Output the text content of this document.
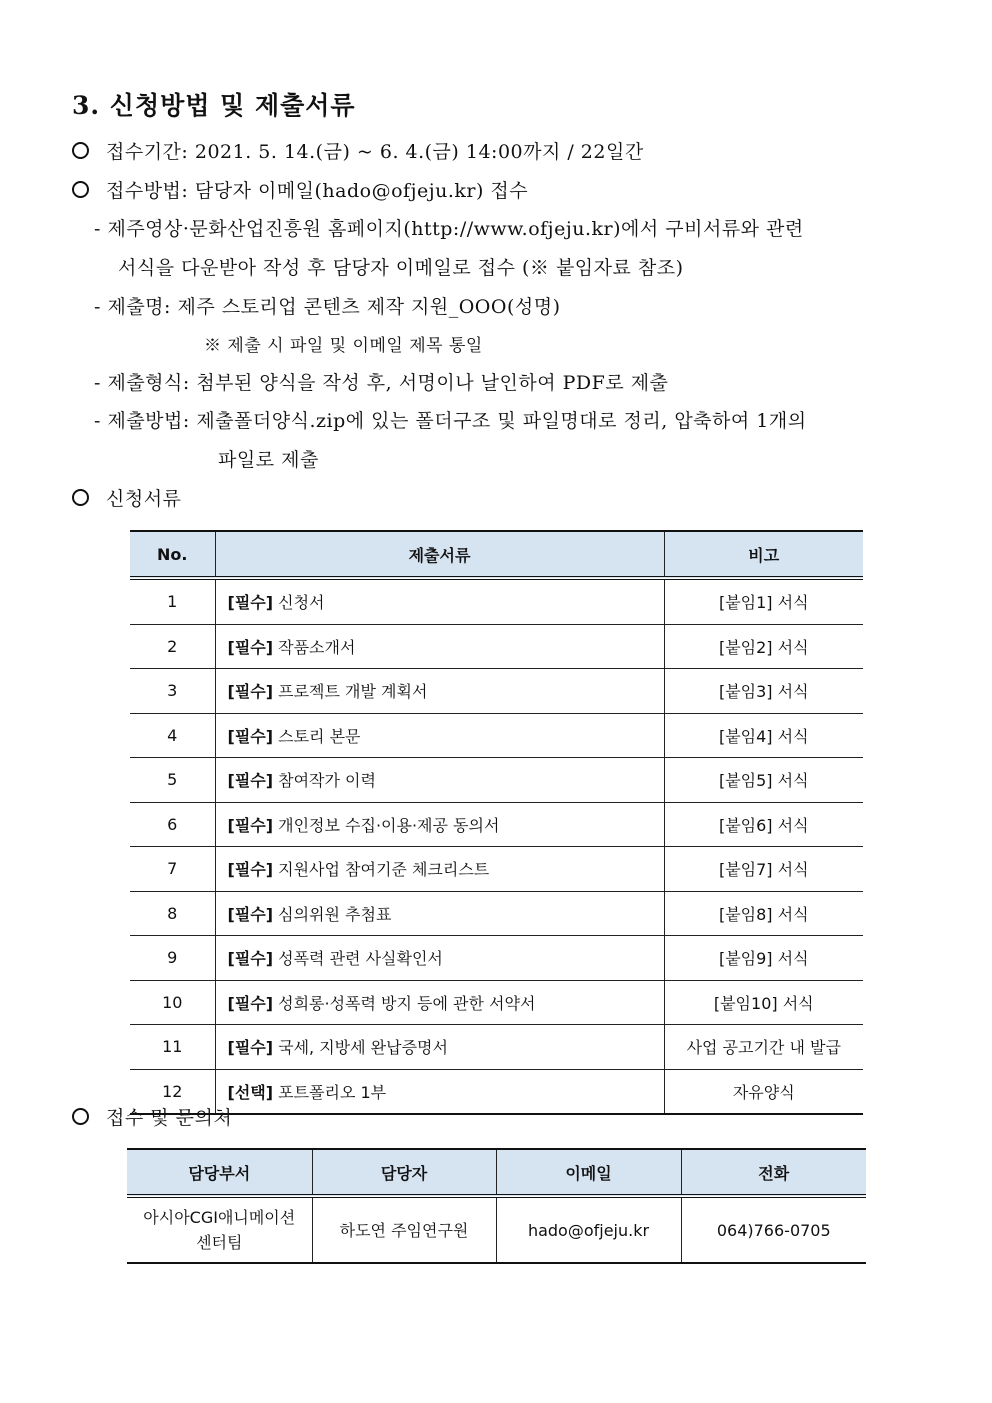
3. 신청방법 및 제출서류
접수기간: 2021. 5. 14.(금) ~ 6. 4.(금) 14:00까지 / 22일간
접수방법: 담당자 이메일(hado@ofjeju.kr) 접수
- 제주영상·문화산업진흥원 홈페이지(http://www.ofjeju.kr)에서 구비서류와 관련
서식을 다운받아 작성 후 담당자 이메일로 접수 (※ 붙임자료 참조)
- 제출명: 제주 스토리업 콘텐츠 제작 지원_OOO(성명)
※ 제출 시 파일 및 이메일 제목 통일
- 제출형식: 첨부된 양식을 작성 후, 서명이나 날인하여 PDF로 제출
- 제출방법: 제출폴더양식.zip에 있는 폴더구조 및 파일명대로 정리, 압축하여 1개의
파일로 제출
신청서류
No.	제출서류	비고
1	[필수] 신청서	[붙임1] 서식
2	[필수] 작품소개서	[붙임2] 서식
3	[필수] 프로젝트 개발 계획서	[붙임3] 서식
4	[필수] 스토리 본문	[붙임4] 서식
5	[필수] 참여작가 이력	[붙임5] 서식
6	[필수] 개인정보 수집·이용·제공 동의서	[붙임6] 서식
7	[필수] 지원사업 참여기준 체크리스트	[붙임7] 서식
8	[필수] 심의위원 추첨표	[붙임8] 서식
9	[필수] 성폭력 관련 사실확인서	[붙임9] 서식
10	[필수] 성희롱·성폭력 방지 등에 관한 서약서	[붙임10] 서식
11	[필수] 국세, 지방세 완납증명서	사업 공고기간 내 발급
12	[선택] 포트폴리오 1부	자유양식
접수 및 문의처
담당부서	담당자	이메일	전화
아시아CGI애니메이션
센터팀	하도연 주임연구원	hado@ofjeju.kr	064)766-0705
